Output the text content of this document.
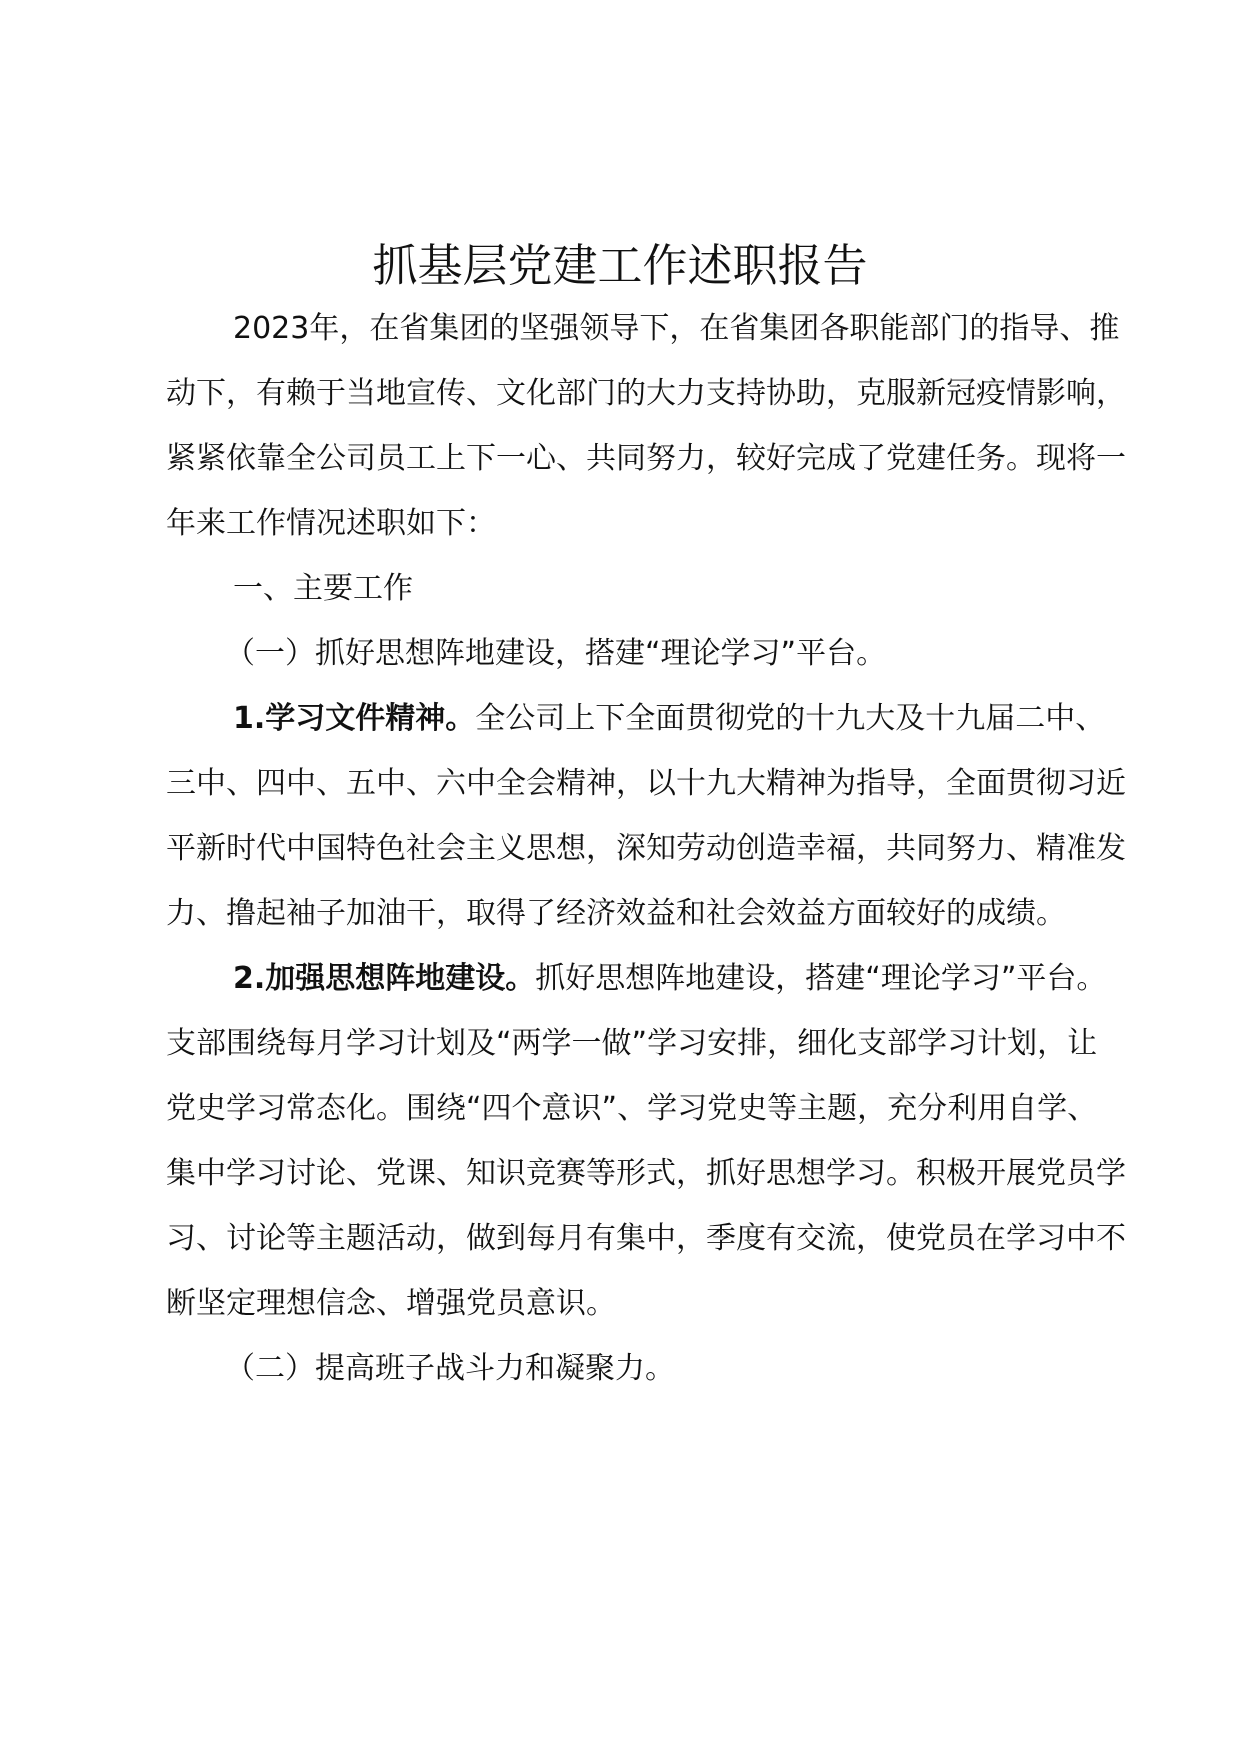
抓基层党建工作述职报告

2023年，在省集团的坚强领导下，在省集团各职能部门的指导、推动下，有赖于当地宣传、文化部门的大力支持协助，克服新冠疫情影响，紧紧依靠全公司员工上下一心、共同努力，较好完成了党建任务。现将一年来工作情况述职如下：

一、主要工作

（一）抓好思想阵地建设，搭建“理论学习”平台。

1.学习文件精神。全公司上下全面贯彻党的十九大及十九届二中、三中、四中、五中、六中全会精神，以十九大精神为指导，全面贯彻习近平新时代中国特色社会主义思想，深知劳动创造幸福，共同努力、精准发力、撸起袖子加油干，取得了经济效益和社会效益方面较好的成绩。

2.加强思想阵地建设。抓好思想阵地建设，搭建“理论学习”平台。支部围绕每月学习计划及“两学一做”学习安排，细化支部学习计划，让党史学习常态化。围绕“四个意识”、学习党史等主题，充分利用自学、集中学习讨论、党课、知识竞赛等形式，抓好思想学习。积极开展党员学习、讨论等主题活动，做到每月有集中，季度有交流，使党员在学习中不断坚定理想信念、增强党员意识。

（二）提高班子战斗力和凝聚力。
